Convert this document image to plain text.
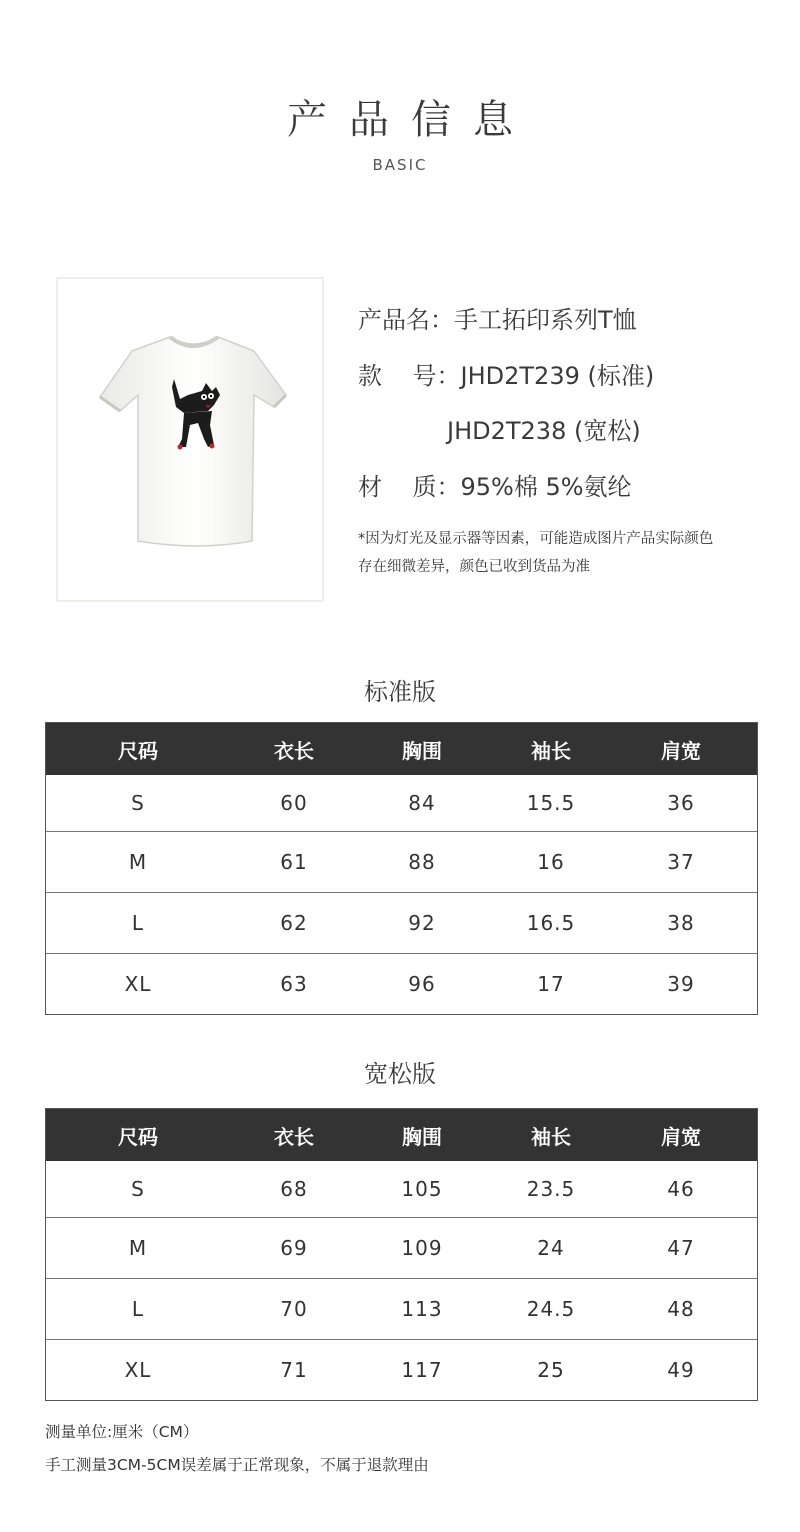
产品信息
BASIC
产品名：手工拓印系列T恤
款    号：JHD2T239 (标准)
JHD2T238 (宽松)
材    质：95%棉 5%氨纶
*因为灯光及显示器等因素，可能造成图片产品实际颜色
存在细微差异，颜色已收到货品为准
标准版
尺码	衣长	胸围	袖长	肩宽
S	60	84	15.5	36
M	61	88	16	37
L	62	92	16.5	38
XL	63	96	17	39
宽松版
尺码	衣长	胸围	袖长	肩宽
S	68	105	23.5	46
M	69	109	24	47
L	70	113	24.5	48
XL	71	117	25	49
测量单位:厘米（CM）
手工测量3CM-5CM误差属于正常现象，不属于退款理由
